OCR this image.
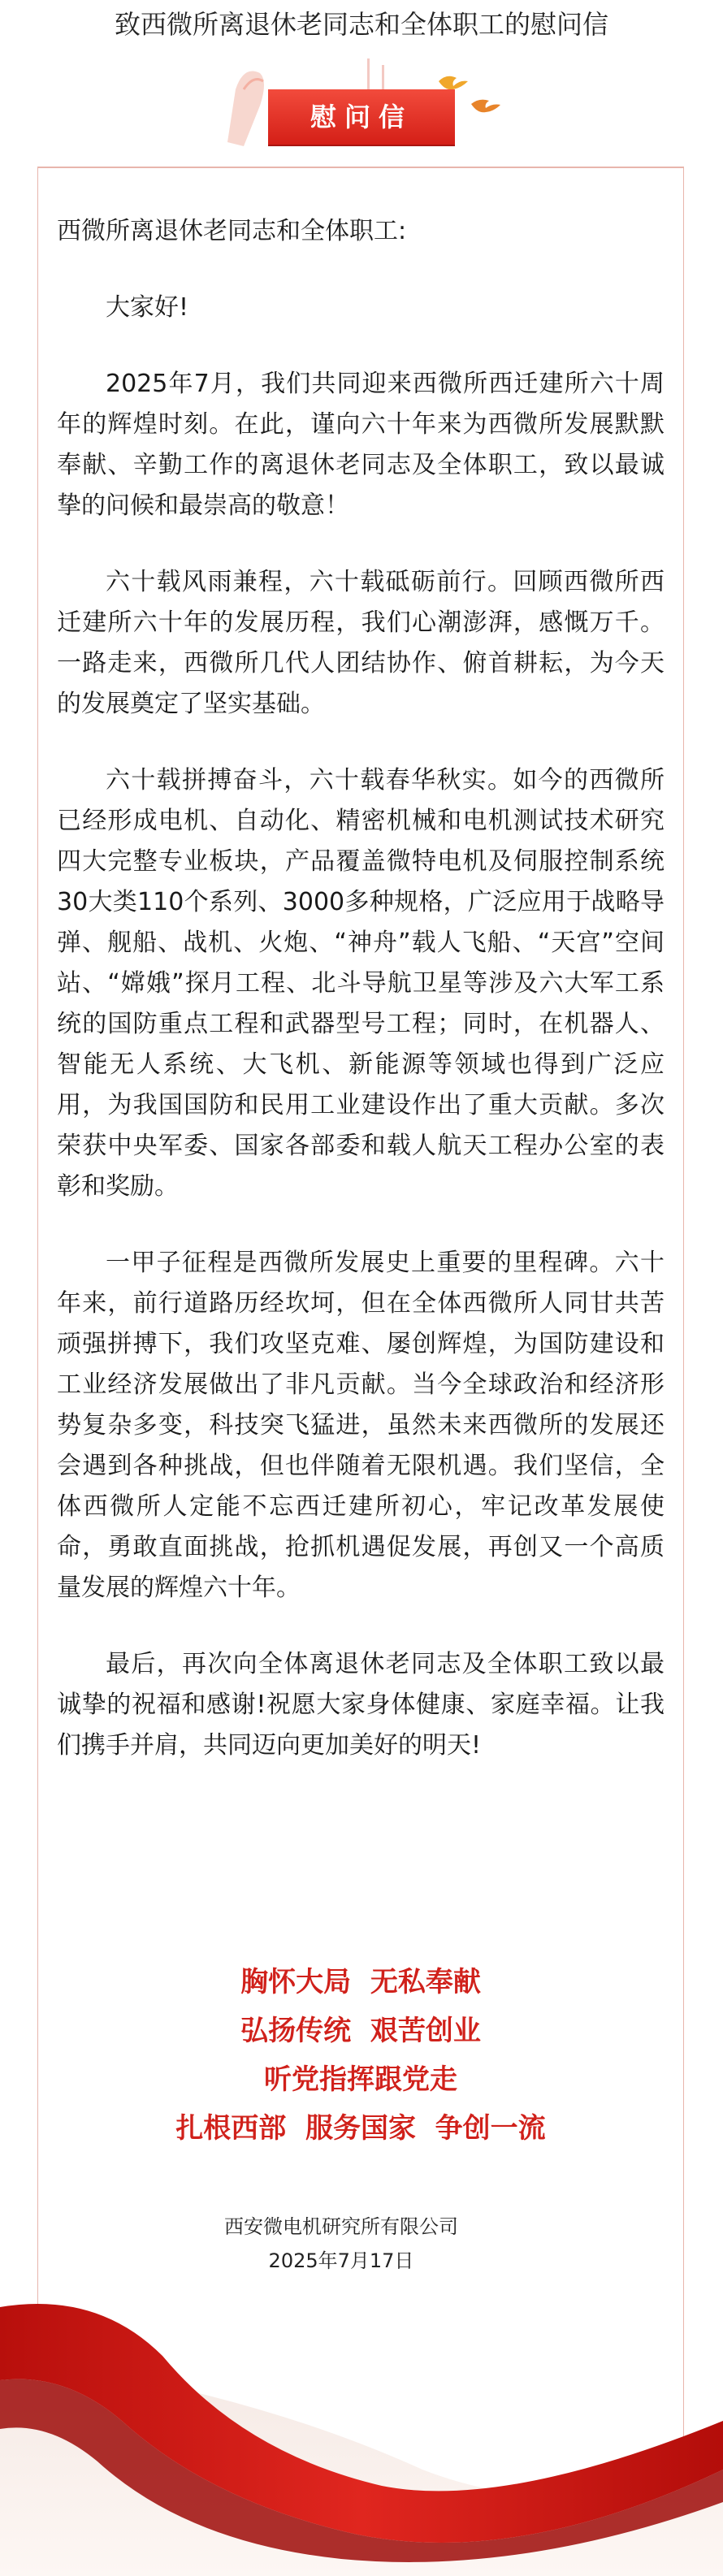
致西微所离退休老同志和全体职工的慰问信
慰问信

西微所离退休老同志和全体职工:

大家好!

2025年7月，我们共同迎来西微所西迁建所六十周年的辉煌时刻。在此，谨向六十年来为西微所发展默默奉献、辛勤工作的离退休老同志及全体职工，致以最诚挚的问候和最崇高的敬意！

六十载风雨兼程，六十载砥砺前行。回顾西微所西迁建所六十年的发展历程，我们心潮澎湃，感慨万千。一路走来，西微所几代人团结协作、俯首耕耘，为今天的发展奠定了坚实基础。

六十载拼搏奋斗，六十载春华秋实。如今的西微所已经形成电机、自动化、精密机械和电机测试技术研究四大完整专业板块，产品覆盖微特电机及伺服控制系统30大类110个系列、3000多种规格，广泛应用于战略导弹、舰船、战机、火炮、“神舟”载人飞船、“天宫”空间站、“嫦娥”探月工程、北斗导航卫星等涉及六大军工系统的国防重点工程和武器型号工程；同时，在机器人、智能无人系统、大飞机、新能源等领域也得到广泛应用，为我国国防和民用工业建设作出了重大贡献。多次荣获中央军委、国家各部委和载人航天工程办公室的表彰和奖励。

一甲子征程是西微所发展史上重要的里程碑。六十年来，前行道路历经坎坷，但在全体西微所人同甘共苦顽强拼搏下，我们攻坚克难、屡创辉煌，为国防建设和工业经济发展做出了非凡贡献。当今全球政治和经济形势复杂多变，科技突飞猛进，虽然未来西微所的发展还会遇到各种挑战，但也伴随着无限机遇。我们坚信，全体西微所人定能不忘西迁建所初心，牢记改革发展使命，勇敢直面挑战，抢抓机遇促发展，再创又一个高质量发展的辉煌六十年。

最后，再次向全体离退休老同志及全体职工致以最诚挚的祝福和感谢!祝愿大家身体健康、家庭幸福。让我们携手并肩，共同迈向更加美好的明天!

胸怀大局  无私奉献

弘扬传统  艰苦创业

听党指挥跟党走

扎根西部  服务国家  争创一流

西安微电机研究所有限公司
2025年7月17日
